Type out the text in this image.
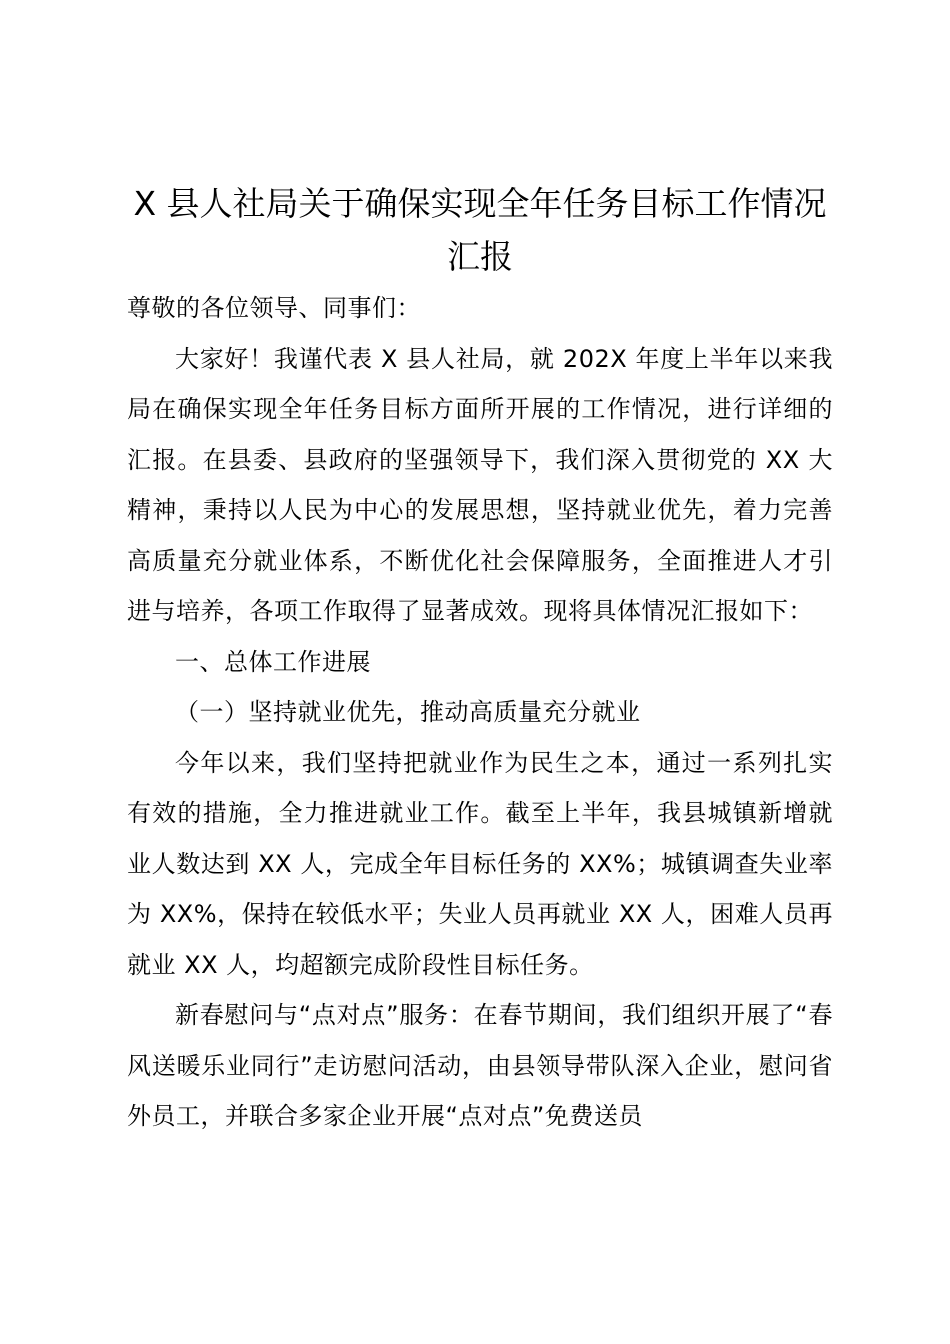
X 县人社局关于确保实现全年任务目标工作情况汇报

尊敬的各位领导、同事们：

大家好！我谨代表 X 县人社局，就 202X 年度上半年以来我局在确保实现全年任务目标方面所开展的工作情况，进行详细的汇报。在县委、县政府的坚强领导下，我们深入贯彻党的 XX 大精神，秉持以人民为中心的发展思想，坚持就业优先，着力完善高质量充分就业体系，不断优化社会保障服务，全面推进人才引进与培养，各项工作取得了显著成效。现将具体情况汇报如下：

一、总体工作进展

（一）坚持就业优先，推动高质量充分就业

今年以来，我们坚持把就业作为民生之本，通过一系列扎实有效的措施，全力推进就业工作。截至上半年，我县城镇新增就业人数达到 XX 人，完成全年目标任务的 XX%；城镇调查失业率为 XX%，保持在较低水平；失业人员再就业 XX 人，困难人员再就业 XX 人，均超额完成阶段性目标任务。

新春慰问与“点对点”服务：在春节期间，我们组织开展了“春风送暖乐业同行”走访慰问活动，由县领导带队深入企业，慰问省外员工，并联合多家企业开展“点对点”免费送员
